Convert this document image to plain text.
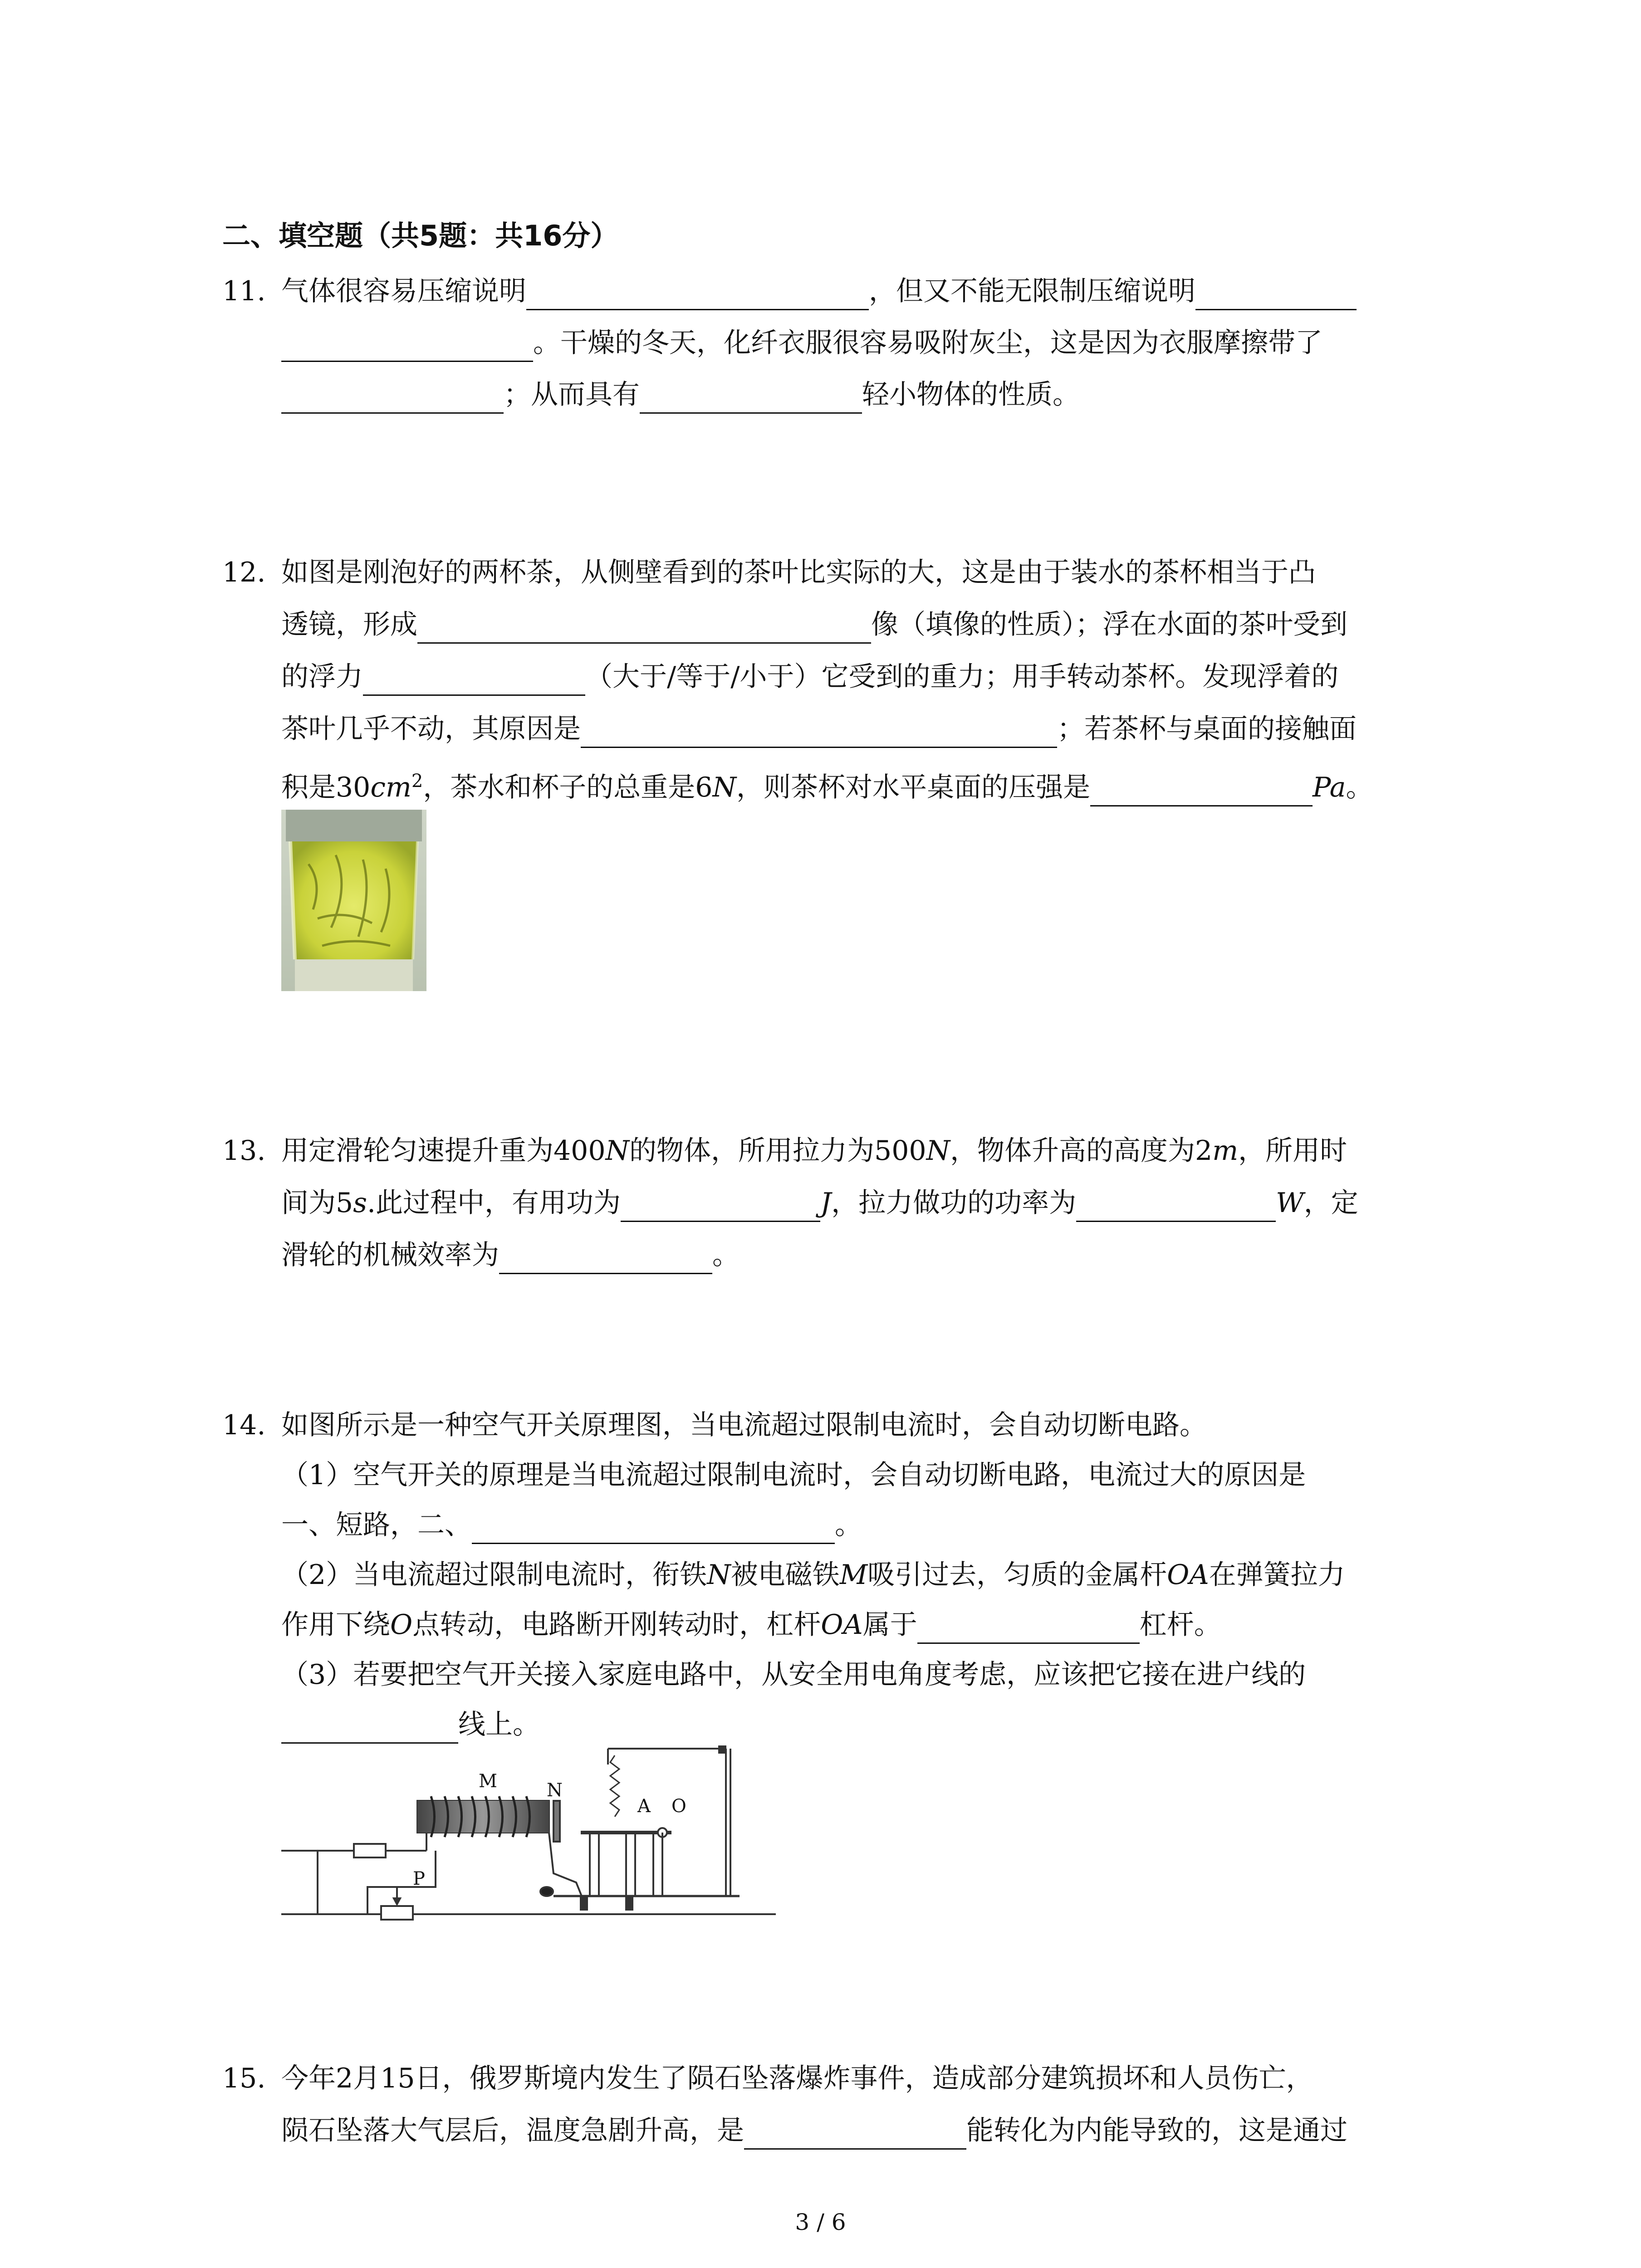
二、填空题（共5题：共16分）
11. 气体很容易压缩说明	，但又不能无限制压缩说明
。干燥的冬天，化纤衣服很容易吸附灰尘，这是因为衣服摩擦带了
；从而具有	轻小物体的性质。
12. 如图是刚泡好的两杯茶，从侧壁看到的茶叶比实际的大，这是由于装水的茶杯相当于凸
透镜，形成	像（填像的性质）；浮在水面的茶叶受到
的浮力	（大于/等于/小于）它受到的重力；用手转动茶杯。发现浮着的
茶叶几乎不动，其原因是	；若茶杯与桌面的接触面
积是$30cm^2$，茶水和杯子的总重是6N，则茶杯对水平桌面的压强是	Pa。
13. 用定滑轮匀速提升重为400N的物体，所用拉力为500N，物体升高的高度为2m，所用时
间为5s.此过程中，有用功为	J，拉力做功的功率为	W，定
滑轮的机械效率为	。
14. 如图所示是一种空气开关原理图，当电流超过限制电流时，会自动切断电路。
（1）空气开关的原理是当电流超过限制电流时，会自动切断电路，电流过大的原因是
一、短路，二、	。
（2）当电流超过限制电流时，衔铁N被电磁铁M吸引过去，匀质的金属杆OA在弹簧拉力
作用下绕O点转动，电路断开刚转动时，杠杆OA属于	杠杆。
（3）若要把空气开关接入家庭电路中，从安全用电角度考虑，应该把它接在进户线的
线上。
M	N
A O
P
15. 今年2月15日，俄罗斯境内发生了陨石坠落爆炸事件，造成部分建筑损坏和人员伤亡，
陨石坠落大气层后，温度急剧升高，是	能转化为内能导致的，这是通过
3 / 6
